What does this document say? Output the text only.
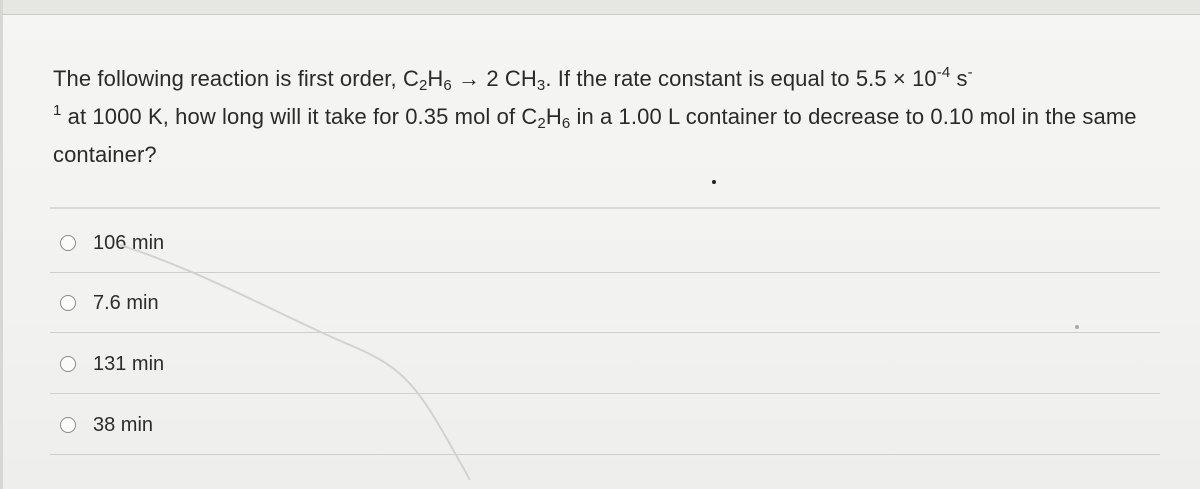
The following reaction is first order, $C_2H_6 \to 2$ $CH_3$. If the rate constant is equal to $5.5 \times 10^{-4}$ s-
$^1$ at 1000 K, how long will it take for 0.35 mol of $C_2H_6$ in a 1.00 L container to decrease to 0.10 mol in the same container?
106 min
7.6 min
131 min
38 min
